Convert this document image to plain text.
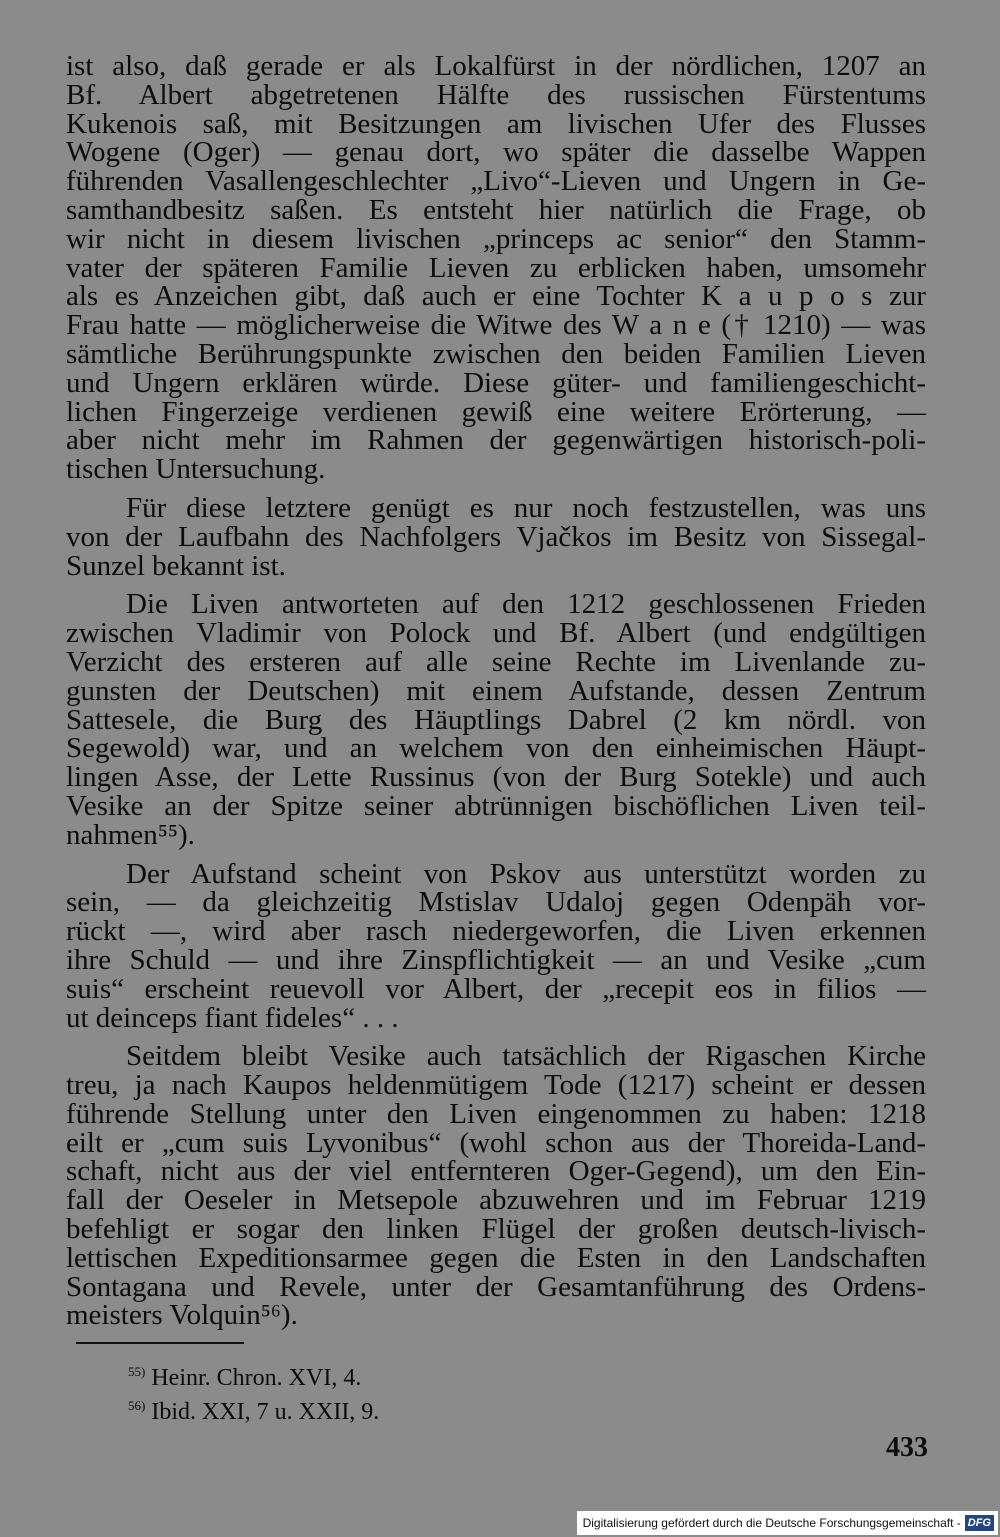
ist also, daß gerade er als Lokalfürst in der nördlichen, 1207 an
Bf. Albert abgetretenen Hälfte des russischen Fürstentums
Kukenois saß, mit Besitzungen am livischen Ufer des Flusses
Wogene (Oger) — genau dort, wo später die dasselbe Wappen
führenden Vasallengeschlechter „Livo“-Lieven und Ungern in Ge-
samthandbesitz saßen. Es entsteht hier natürlich die Frage, ob
wir nicht in diesem livischen „princeps ac senior“ den Stamm-
vater der späteren Familie Lieven zu erblicken haben, umsomehr
als es Anzeichen gibt, daß auch er eine Tochter K a u p o s zur
Frau hatte — möglicherweise die Witwe des W a n e († 1210) — was
sämtliche Berührungspunkte zwischen den beiden Familien Lieven
und Ungern erklären würde. Diese güter- und familiengeschicht-
lichen Fingerzeige verdienen gewiß eine weitere Erörterung, —
aber nicht mehr im Rahmen der gegenwärtigen historisch-poli-
tischen Untersuchung.

Für diese letztere genügt es nur noch festzustellen, was uns
von der Laufbahn des Nachfolgers Vjačkos im Besitz von Sissegal-
Sunzel bekannt ist.

Die Liven antworteten auf den 1212 geschlossenen Frieden
zwischen Vladimir von Polock und Bf. Albert (und endgültigen
Verzicht des ersteren auf alle seine Rechte im Livenlande zu-
gunsten der Deutschen) mit einem Aufstande, dessen Zentrum
Sattesele, die Burg des Häuptlings Dabrel (2 km nördl. von
Segewold) war, und an welchem von den einheimischen Häupt-
lingen Asse, der Lette Russinus (von der Burg Sotekle) und auch
Vesike an der Spitze seiner abtrünnigen bischöflichen Liven teil-
nahmen⁵⁵).

Der Aufstand scheint von Pskov aus unterstützt worden zu
sein, — da gleichzeitig Mstislav Udaloj gegen Odenpäh vor-
rückt —, wird aber rasch niedergeworfen, die Liven erkennen
ihre Schuld — und ihre Zinspflichtigkeit — an und Vesike „cum
suis“ erscheint reuevoll vor Albert, der „recepit eos in filios —
ut deinceps fiant fideles“ . . .

Seitdem bleibt Vesike auch tatsächlich der Rigaschen Kirche
treu, ja nach Kaupos heldenmütigem Tode (1217) scheint er dessen
führende Stellung unter den Liven eingenommen zu haben: 1218
eilt er „cum suis Lyvonibus“ (wohl schon aus der Thoreida-Land-
schaft, nicht aus der viel entfernteren Oger-Gegend), um den Ein-
fall der Oeseler in Metsepole abzuwehren und im Februar 1219
befehligt er sogar den linken Flügel der großen deutsch-livisch-
lettischen Expeditionsarmee gegen die Esten in den Landschaften
Sontagana und Revele, unter der Gesamtanführung des Ordens-
meisters Volquin⁵⁶).

$^{55)}$ Heinr. Chron. XVI, 4.
$^{56)}$ Ibid. XXI, 7 u. XXII, 9.
433
Digitalisierung gefördert durch die Deutsche Forschungsgemeinschaft - DFG
